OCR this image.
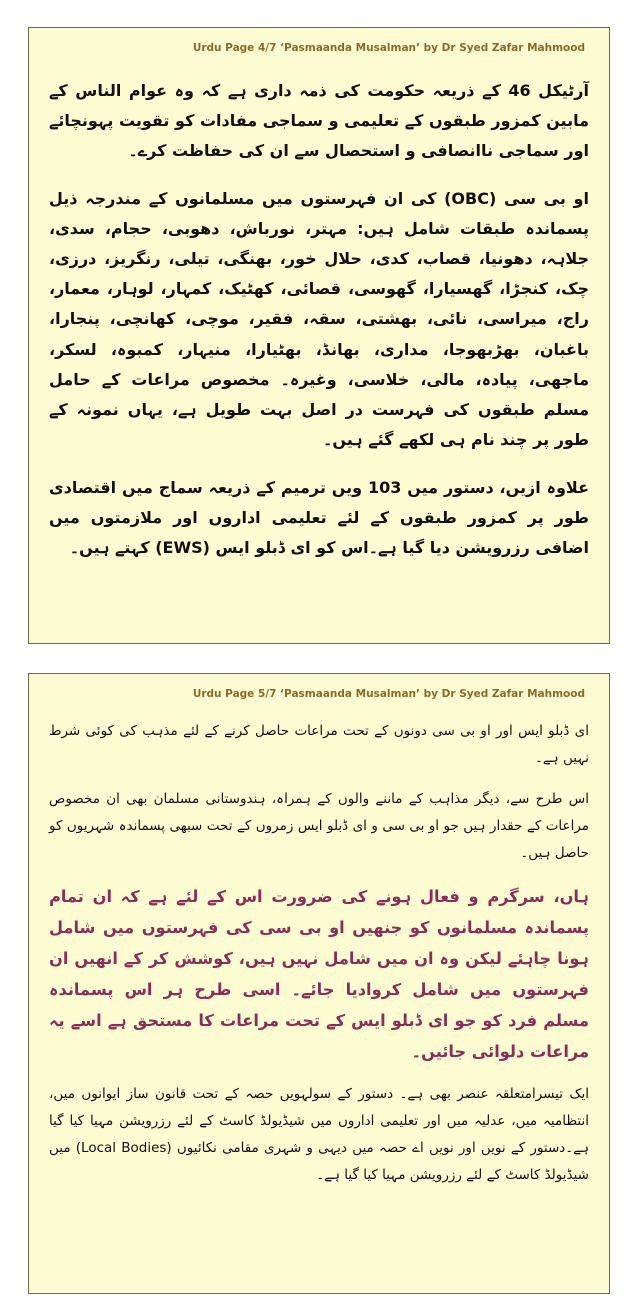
Urdu Page 4/7 ‘Pasmaanda Musalman’ by Dr Syed Zafar Mahmood

آرٹیکل 46 کے ذریعہ حکومت کی ذمہ داری ہے کہ وہ عوام الناس کے مابین کمزور طبقوں کے تعلیمی و سماجی مفادات کو تقویت پہونچائے اور سماجی ناانصافی و استحصال سے ان کی حفاظت کرے۔

او بی سی (OBC) کی ان فہرستوں میں مسلمانوں کے مندرجہ ذیل پسماندہ طبقات شامل ہیں: مہتر، نورباش، دھوبی، حجام، سدی، جلاہہ، دھونیا، قصاب، کدی، حلال خور، بھنگی، تیلی، رنگریز، درزی، چک، کنجڑا، گھسیارا، گھوسی، قصائی، کھٹیک، کمہار، لوہار، معمار، راج، میراسی، نائی، بھشتی، سقہ، فقیر، موچی، کھانچی، پنجارا، باغبان، بھڑبھوجا، مداری، بھانڈ، بھٹیارا، منیہار، کمبوہ، لسکر، ماجھی، پیادہ، مالی، خلاسی، وغیرہ۔ مخصوص مراعات کے حامل مسلم طبقوں کی فہرست در اصل بہت طویل ہے، یہاں نمونہ کے طور پر چند نام ہی لکھے گئے ہیں۔

علاوہ ازیں، دستور میں 103 ویں ترمیم کے ذریعہ سماج میں اقتصادی طور پر کمزور طبقوں کے لئے تعلیمی اداروں اور ملازمتوں میں اضافی رزرویشن دیا گیا ہے۔اس کو ای ڈبلو ایس (EWS) کہتے ہیں۔

Urdu Page 5/7 ‘Pasmaanda Musalman’ by Dr Syed Zafar Mahmood

ای ڈبلو ایس اور او بی سی دونوں کے تحت مراعات حاصل کرنے کے لئے مذہب کی کوئی شرط نہیں ہے۔

اس طرح سے، دیگر مذاہب کے ماننے والوں کے ہمراہ، ہندوستانی مسلمان بھی ان مخصوص مراعات کے حقدار ہیں جو او بی سی و ای ڈبلو ایس زمروں کے تحت سبھی پسماندہ شہریوں کو حاصل ہیں۔

ہاں، سرگرم و فعال ہونے کی ضرورت اس کے لئے ہے کہ ان تمام پسماندہ مسلمانوں کو جنھیں او بی سی کی فہرستوں میں شامل ہونا چاہئے لیکن وہ ان میں شامل نہیں ہیں، کوشش کر کے انھیں ان فہرستوں میں شامل کروادیا جائے۔ اسی طرح ہر اس پسماندہ مسلم فرد کو جو ای ڈبلو ایس کے تحت مراعات کا مستحق ہے اسے یہ مراعات دلوائی جائیں۔

ایک تیسرامتعلقہ عنصر بھی ہے۔ دستور کے سولہویں حصہ کے تحت قانون ساز ایوانوں میں، انتظامیہ میں، عدلیہ میں اور تعلیمی اداروں میں شیڈیولڈ کاسٹ کے لئے رزرویشن مہیا کیا گیا ہے۔دستور کے نویں اور نویں اے حصہ میں دیہی و شہری مقامی نکائیوں (Local Bodies) میں شیڈیولڈ کاسٹ کے لئے رزرویشن مہیا کیا گیا ہے۔
